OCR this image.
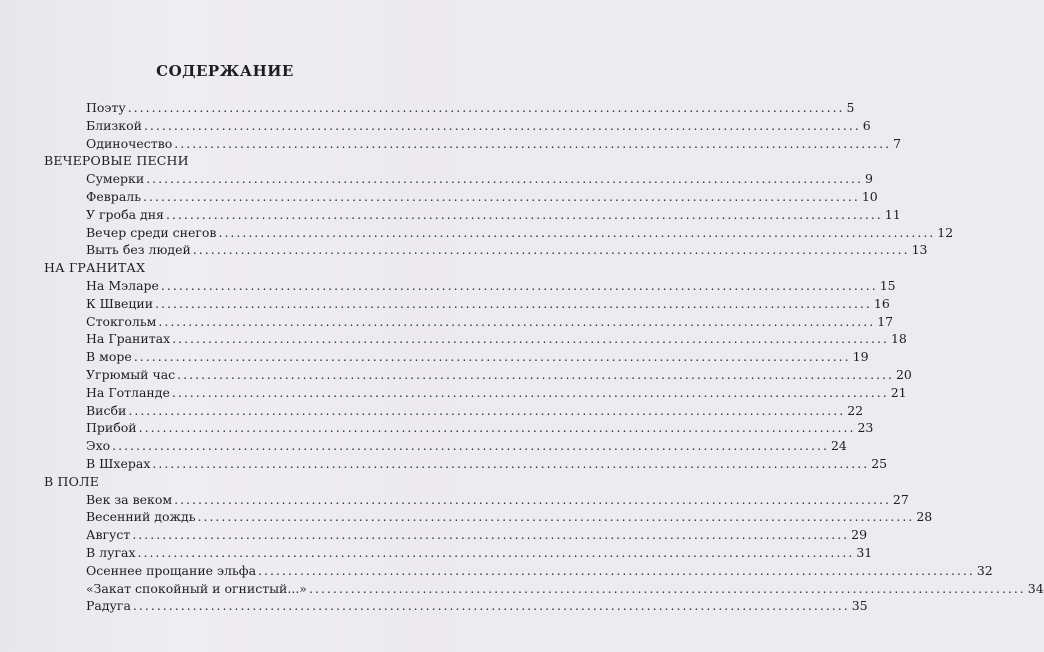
СОДЕРЖАНИЕ
Поэту ........................................................................................................................ 5
Близкой ........................................................................................................................ 6
Одиночество ........................................................................................................................ 7
ВЕЧЕРОВЫЕ ПЕСНИ
Сумерки ........................................................................................................................ 9
Февраль ........................................................................................................................ 10
У гроба дня ........................................................................................................................ 11
Вечер среди снегов ........................................................................................................................ 12
Выть без людей ........................................................................................................................ 13
НА ГРАНИТАХ
На Мэларе ........................................................................................................................ 15
К Швеции ........................................................................................................................ 16
Стокгольм ........................................................................................................................ 17
На Гранитах ........................................................................................................................ 18
В море ........................................................................................................................ 19
Угрюмый час ........................................................................................................................ 20
На Готланде ........................................................................................................................ 21
Висби ........................................................................................................................ 22
Прибой ........................................................................................................................ 23
Эхо ........................................................................................................................ 24
В Шхерах ........................................................................................................................ 25
В ПОЛЕ
Век за веком ........................................................................................................................ 27
Весенний дождь ........................................................................................................................ 28
Август ........................................................................................................................ 29
В лугах ........................................................................................................................ 31
Осеннее прощание эльфа ........................................................................................................................ 32
«Закат спокойный и огнистый...» ........................................................................................................................ 34
Радуга ........................................................................................................................ 35
